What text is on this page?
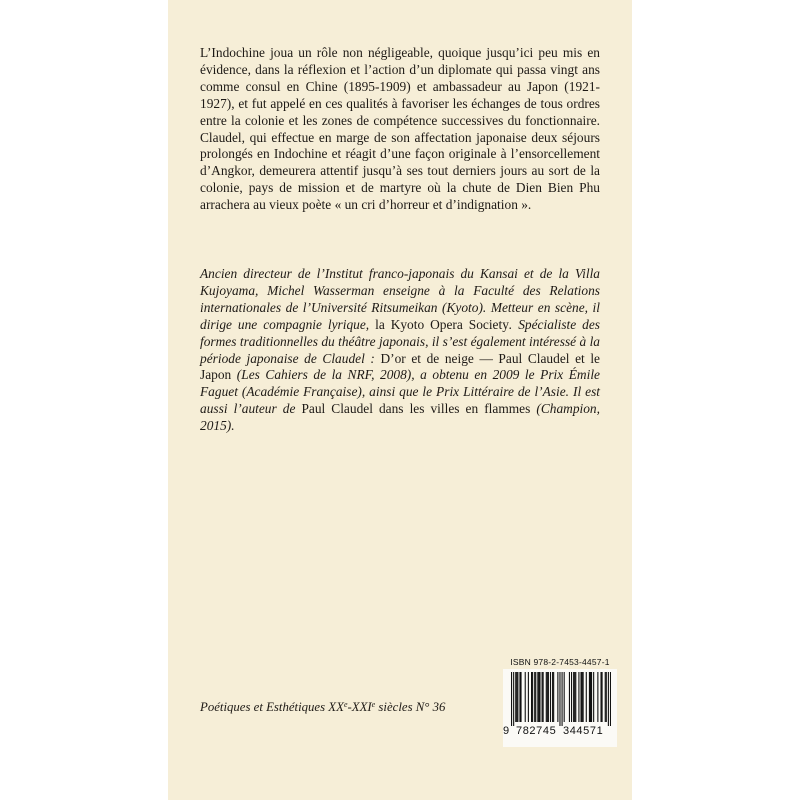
L’Indochine joua un rôle non négligeable, quoique jusqu’ici peu mis en évidence, dans la réflexion et l’action d’un diplomate qui passa vingt ans comme consul en Chine (1895-1909) et ambassadeur au Japon (1921-1927), et fut appelé en ces qualités à favoriser les échanges de tous ordres entre la colonie et les zones de compétence successives du fonctionnaire. Claudel, qui effectue en marge de son affectation japonaise deux séjours prolongés en Indochine et réagit d’une façon originale à l’ensorcellement d’Angkor, demeurera attentif jusqu’à ses tout derniers jours au sort de la colonie, pays de mission et de martyre où la chute de Dien Bien Phu arrachera au vieux poète « un cri d’horreur et d’indignation ».

Ancien directeur de l’Institut franco-japonais du Kansai et de la Villa Kujoyama, Michel Wasserman enseigne à la Faculté des Relations internationales de l’Université Ritsumeikan (Kyoto). Metteur en scène, il dirige une compagnie lyrique, la Kyoto Opera Society. Spécialiste des formes traditionnelles du théâtre japonais, il s’est également intéressé à la période japonaise de Claudel : D’or et de neige — Paul Claudel et le Japon (Les Cahiers de la NRF, 2008), a obtenu en 2009 le Prix Émile Faguet (Académie Française), ainsi que le Prix Littéraire de l’Asie. Il est aussi l’auteur de Paul Claudel dans les villes en flammes (Champion, 2015).

Poétiques et Esthétiques XXe-XXIe siècles N° 36
ISBN 978-2-7453-4457-1
9 782745 344571
